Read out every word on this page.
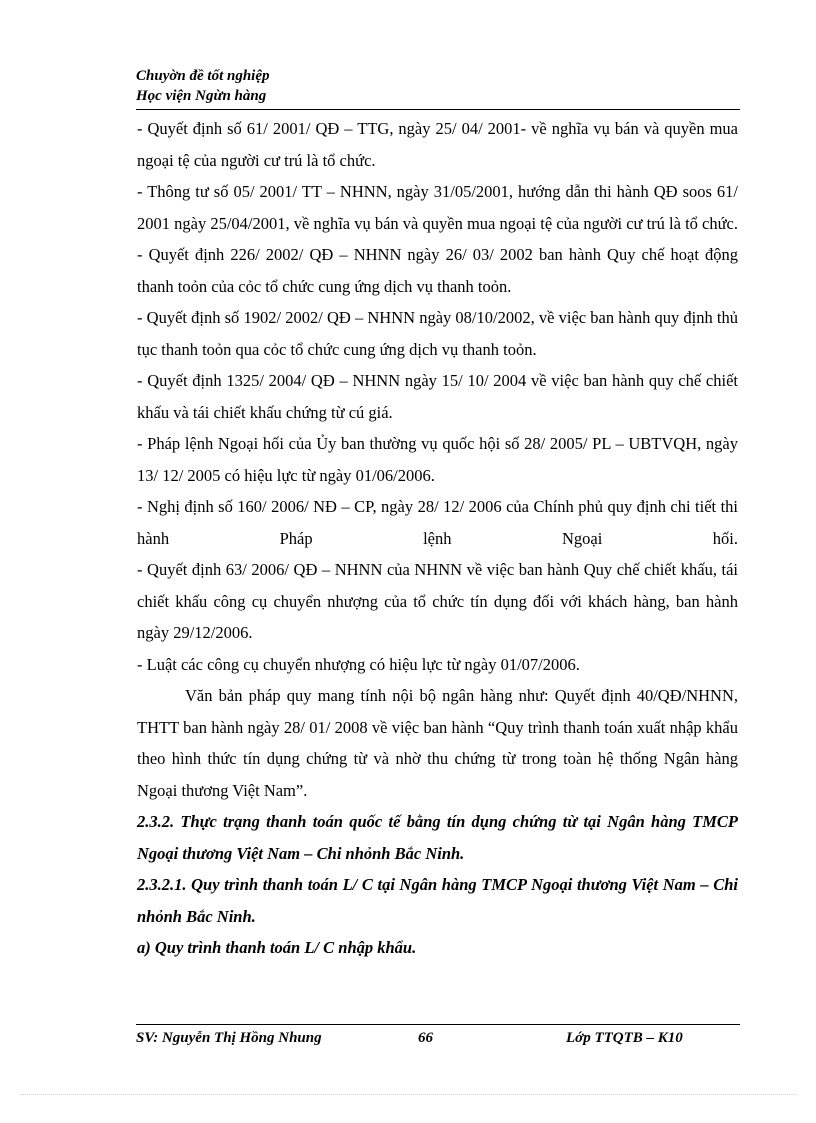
Chuyờn đề tốt nghiệp
Học viện Ngừn hàng

- Quyết định số 61/ 2001/ QĐ – TTG, ngày 25/ 04/ 2001- về nghĩa vụ bán và quyền mua ngoại tệ của người cư trú là tổ chức.

- Thông tư số 05/ 2001/ TT – NHNN, ngày 31/05/2001, hướng dẫn thi hành QĐ soos 61/ 2001 ngày 25/04/2001, về nghĩa vụ bán và quyền mua ngoại tệ của người cư trú là tổ chức.

- Quyết định 226/ 2002/ QĐ – NHNN ngày 26/ 03/ 2002 ban hành Quy chế hoạt động thanh toỏn của cỏc tổ chức cung ứng dịch vụ thanh toỏn.

- Quyết định số 1902/ 2002/ QĐ – NHNN ngày 08/10/2002, về việc ban hành quy định thủ tục thanh toỏn qua cỏc tổ chức cung ứng dịch vụ thanh toỏn.

- Quyết định 1325/ 2004/ QĐ – NHNN ngày 15/ 10/ 2004 về việc ban hành quy chế chiết khấu và tái chiết khấu chứng từ cú giá.

- Pháp lệnh Ngoại hối của Ủy ban thường vụ quốc hội số 28/ 2005/ PL – UBTVQH, ngày 13/ 12/ 2005 có hiệu lực từ ngày 01/06/2006.

- Nghị định số 160/ 2006/ NĐ – CP, ngày 28/ 12/ 2006 của Chính phủ quy định chi tiết thi hành Pháp lệnh Ngoại hối.

- Quyết định 63/ 2006/ QĐ – NHNN của NHNN về việc ban hành Quy chế chiết khấu, tái chiết khấu công cụ chuyển nhượng của tổ chức tín dụng đối với khách hàng, ban hành ngày 29/12/2006.

- Luật các công cụ chuyển nhượng có hiệu lực từ ngày 01/07/2006.

Văn bản pháp quy mang tính nội bộ ngân hàng như: Quyết định 40/QĐ/NHNN, THTT ban hành ngày 28/ 01/ 2008 về việc ban hành “Quy trình thanh toán xuất nhập khẩu theo hình thức tín dụng chứng từ và nhờ thu chứng từ trong toàn hệ thống Ngân hàng Ngoại thương Việt Nam”.

2.3.2. Thực trạng thanh toán quốc tế bằng tín dụng chứng từ tại Ngân hàng TMCP Ngoại thương Việt Nam – Chi nhỏnh Bắc Ninh.

2.3.2.1. Quy trình thanh toán L/ C tại Ngân hàng TMCP Ngoại thương Việt Nam – Chi nhỏnh Bắc Ninh.

a) Quy trình thanh toán L/ C nhập khẩu.

SV: Nguyễn Thị Hồng Nhung	66	Lớp TTQTB – K10
